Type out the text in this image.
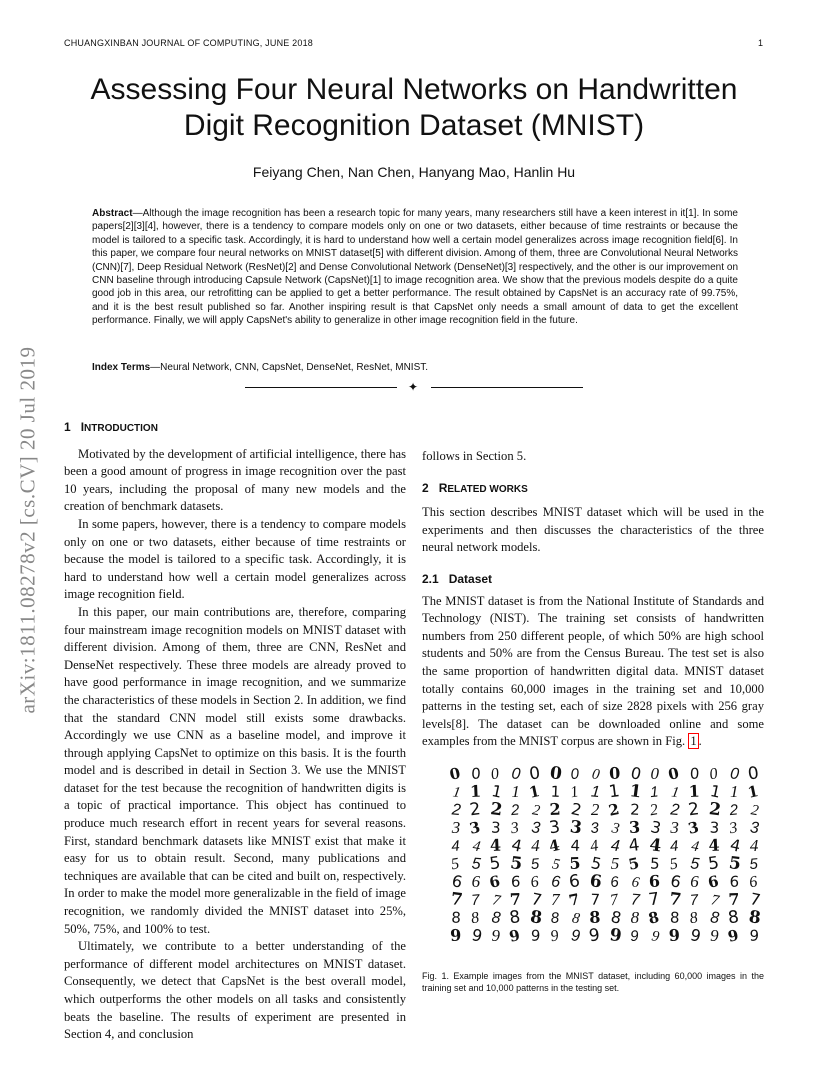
CHUANGXINBAN JOURNAL OF COMPUTING, JUNE 2018	1
Assessing Four Neural Networks on Handwritten
Digit Recognition Dataset (MNIST)
Feiyang Chen, Nan Chen, Hanyang Mao, Hanlin Hu
Abstract—Although the image recognition has been a research topic for many years, many researchers still have a keen interest in it[1]. In some papers[2][3][4], however, there is a tendency to compare models only on one or two datasets, either because of time restraints or because the model is tailored to a specific task. Accordingly, it is hard to understand how well a certain model generalizes across image recognition field[6]. In this paper, we compare four neural networks on MNIST dataset[5] with different division. Among of them, three are Convolutional Neural Networks (CNN)[7], Deep Residual Network (ResNet)[2] and Dense Convolutional Network (DenseNet)[3] respectively, and the other is our improvement on CNN baseline through introducing Capsule Network (CapsNet)[1] to image recognition area. We show that the previous models despite do a quite good job in this area, our retrofitting can be applied to get a better performance. The result obtained by CapsNet is an accuracy rate of 99.75%, and it is the best result published so far. Another inspiring result is that CapsNet only needs a small amount of data to get the excellent performance. Finally, we will apply CapsNet's ability to generalize in other image recognition field in the future.
Index Terms—Neural Network, CNN, CapsNet, DenseNet, ResNet, MNIST.
✦
arXiv:1811.08278v2 [cs.CV] 20 Jul 2019 1 INTRODUCTION

Motivated by the development of artificial intelligence, there has been a good amount of progress in image recognition over the past 10 years, including the proposal of many new models and the creation of benchmark datasets.

In some papers, however, there is a tendency to compare models only on one or two datasets, either because of time restraints or because the model is tailored to a specific task. Accordingly, it is hard to understand how well a certain model generalizes across image recognition field.

In this paper, our main contributions are, therefore, comparing four mainstream image recognition models on MNIST dataset with different division. Among of them, three are CNN, ResNet and DenseNet respectively. These three models are already proved to have good performance in image recognition, and we summarize the characteristics of these models in Section 2. In addition, we find that the standard CNN model still exists some drawbacks. Accordingly we use CNN as a baseline model, and improve it through applying CapsNet to optimize on this basis. It is the fourth model and is described in detail in Section 3. We use the MNIST dataset for the test because the recognition of handwritten digits is a topic of practical importance. This object has continued to produce much research effort in recent years for several reasons. First, standard benchmark datasets like MNIST exist that make it easy for us to obtain result. Second, many publications and techniques are available that can be cited and built on, respectively. In order to make the model more generalizable in the field of image recognition, we randomly divided the MNIST dataset into 25%, 50%, 75%, and 100% to test.

Ultimately, we contribute to a better understanding of the performance of different model architectures on MNIST dataset. Consequently, we detect that CapsNet is the best overall model, which outperforms the other models on all tasks and consistently beats the baseline. The results of experiment are presented in Section 4, and conclusion

follows in Section 5.

2 RELATED WORKS

This section describes MNIST dataset which will be used in the experiments and then discusses the characteristics of the three neural network models.

2.1 Dataset

The MNIST dataset is from the National Institute of Standards and Technology (NIST). The training set consists of handwritten numbers from 250 different people, of which 50% are high school students and 50% are from the Census Bureau. The test set is also the same proportion of handwritten digital data. MNIST dataset totally contains 60,000 images in the training set and 10,000 patterns in the testing set, each of size 2828 pixels with 256 gray levels[8]. The dataset can be downloaded online and some examples from the MNIST corpus are shown in Fig. 1 .

0 0 0 0 0 0 0 0 0 0 0 0 0 0 0 0
1 1 1 1 1 1 1 1 1 1 1 1 1 1 1 1
2 2 2 2 2 2 2 2 2 2 2 2 2 2 2 2
3 3 3 3 3 3 3 3 3 3 3 3 3 3 3 3
4 4 4 4 4 4 4 4 4 4 4 4 4 4 4 4
5 5 5 5 5 5 5 5 5 5 5 5 5 5 5 5
6 6 6 6 6 6 6 6 6 6 6 6 6 6 6 6
7 7 7 7 7 7 7 7 7 7 7 7 7 7 7 7
8 8 8 8 8 8 8 8 8 8 8 8 8 8 8 8
9 9 9 9 9 9 9 9 9 9 9 9 9 9 9 9
Fig. 1. Example images from the MNIST dataset, including 60,000 images in the training set and 10,000 patterns in the testing set.
